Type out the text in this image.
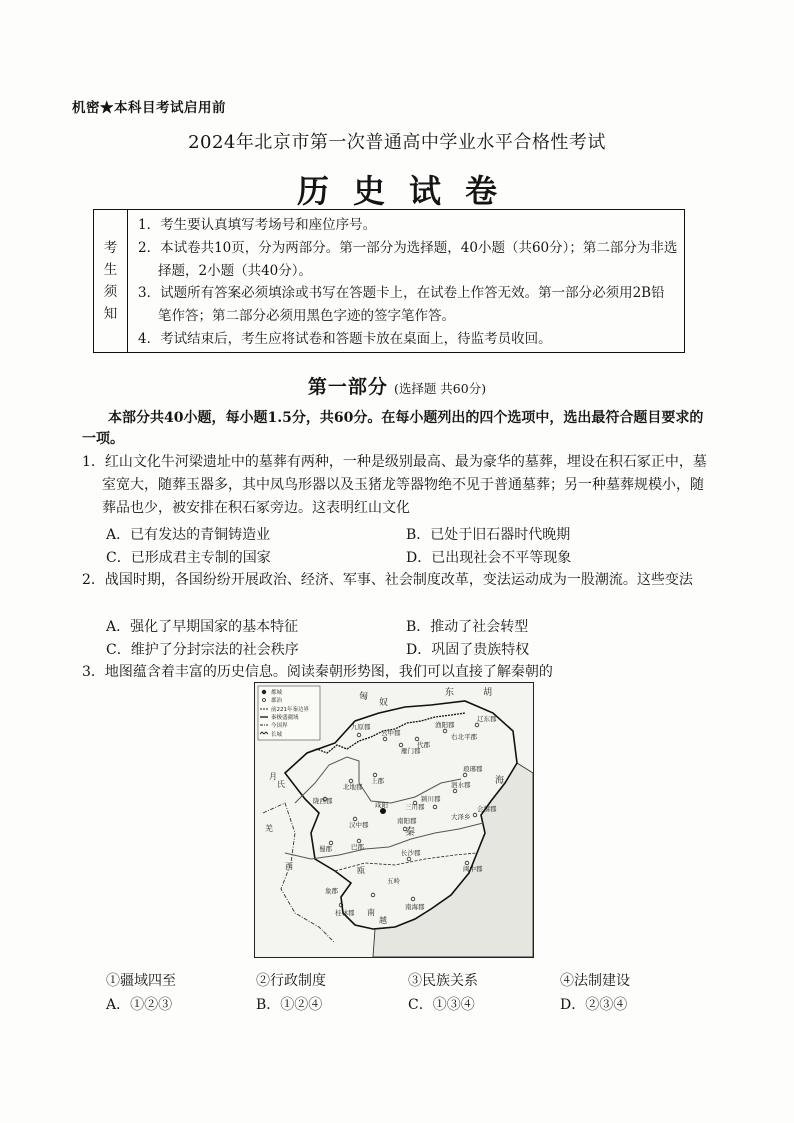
机密★本科目考试启用前
2024年北京市第一次普通高中学业水平合格性考试
历史试卷
考
生
须
知
1．考生要认真填写考场号和座位序号。
2．本试卷共10页，分为两部分。第一部分为选择题，40小题（共60分）；第二部分为非选择题，2小题（共40分）。
3．试题所有答案必须填涂或书写在答题卡上，在试卷上作答无效。第一部分必须用2B铅笔作答；第二部分必须用黑色字迹的签字笔作答。
4．考试结束后，考生应将试卷和答题卡放在桌面上，待监考员收回。
第一部分 (选择题 共60分)
本部分共40小题，每小题1.5分，共60分。在每小题列出的四个选项中，选出最符合题目要求的一项。
1．红山文化牛河梁遗址中的墓葬有两种，一种是级别最高、最为豪华的墓葬，埋设在积石冢正中，墓室宽大，随葬玉器多，其中凤鸟形器以及玉猪龙等器物绝不见于普通墓葬；另一种墓葬规模小，随葬品也少，被安排在积石冢旁边。这表明红山文化
A．已有发达的青铜铸造业	B．已处于旧石器时代晚期
C．已形成君主专制的国家	D．已出现社会不平等现象
2．战国时期，各国纷纷开展政治、经济、军事、社会制度改革，变法运动成为一股潮流。这些变法
A．强化了早期国家的基本特征	B．推动了社会转型
C．维护了分封宗法的社会秩序	D．巩固了贵族特权
3．地图蕴含着丰富的历史信息。阅读秦朝形势图，我们可以直接了解秦朝的
都城
郡治
前221年秦边界
秦极盛疆域
今国界
长城
匈
奴
东	胡
九原郡
云中郡
雁门郡
代郡
渔阳郡
右北平郡
辽东郡
北地郡
上郡
咸阳	三川郡
陇西郡
汉中郡
巴郡
蜀郡
南阳郡
会稽郡
长沙郡
闽中郡
桂林郡
象郡
南海郡
秦
西	瓯
南
越
月
氏
羌
海
大泽乡
五岭
颍川郡
泗水郡
琅琊郡
①疆域四至	②行政制度	③民族关系	④法制建设
A．①②③	B．①②④	C．①③④	D．②③④
